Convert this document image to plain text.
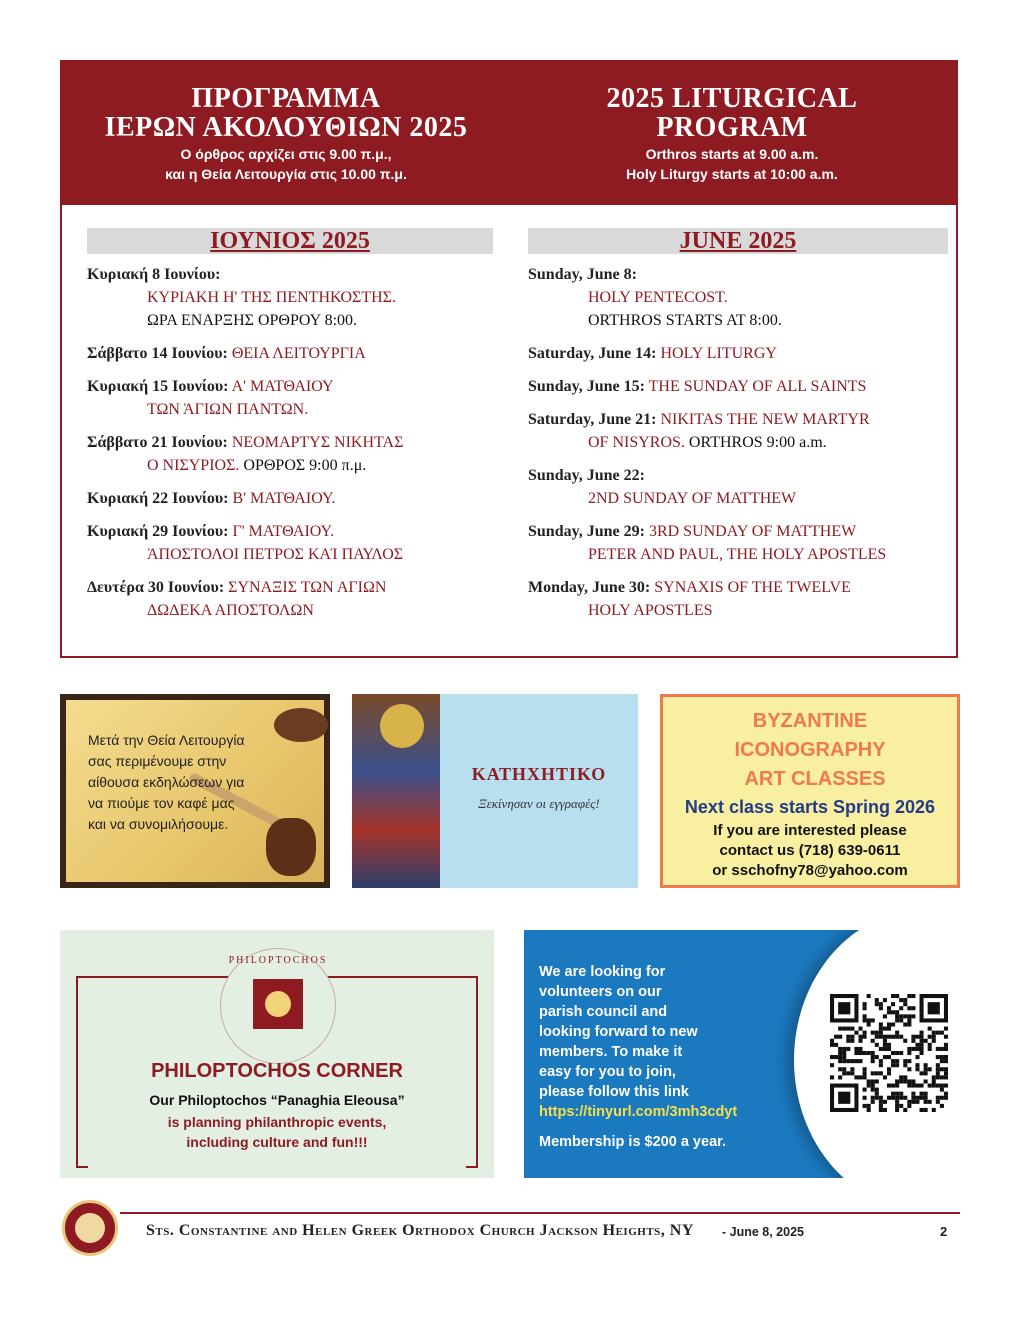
ΠΡΟΓΡΑΜΜΑ
ΙΕΡΩΝ ΑΚΟΛΟΥΘΙΩΝ 2025
Ο όρθρος αρχίζει στις 9.00 π.μ.,
και η Θεία Λειτουργία στις 10.00 π.μ.
2025 LITURGICAL
PROGRAM
Orthros starts at 9.00 a.m.
Holy Liturgy starts at 10:00 a.m.
ΙΟΥΝΙΟΣ 2025	JUNE 2025
Κυριακή 8 Ιουνίου:
ΚΥΡΙΑΚΗ Η' ΤΗΣ ΠΕΝΤΗΚΟΣΤΗΣ.
ΩΡΑ ΕΝΑΡΞΗΣ ΟΡΘΡΟΥ 8:00.
Σάββατο 14 Ιουνίου: ΘΕΙΑ ΛΕΙΤΟΥΡΓΙΑ
Κυριακή 15 Ιουνίου: Α' ΜΑΤΘΑΙΟΥ
ΤΩΝ ΆΓΙΩΝ ΠΑΝΤΩΝ.
Σάββατο 21 Ιουνίου: ΝΕΟΜΑΡΤΥΣ ΝΙΚΗΤΑΣ
Ο ΝΙΣΥΡΙΟΣ. ΟΡΘΡΟΣ 9:00 π.μ.
Κυριακή 22 Ιουνίου: Β' ΜΑΤΘΑΙΟΥ.
Κυριακή 29 Ιουνίου: Γ' ΜΑΤΘΑΙΟΥ.
ΆΠΟΣΤΟΛΟΙ ΠΕΤΡΟΣ ΚΑΊ ΠΑΥΛΟΣ
Δευτέρα 30 Ιουνίου: ΣΥΝΑΞΙΣ ΤΩΝ ΑΓΙΩΝ
ΔΩΔΕΚΑ ΑΠΟΣΤΟΛΩΝ
Sunday, June 8:
HOLY PENTECOST.
ORTHROS STARTS AT 8:00.
Saturday, June 14: HOLY LITURGY
Sunday, June 15: THE SUNDAY OF ALL SAINTS
Saturday, June 21: NIKITAS THE NEW MARTYR
OF NISYROS. ORTHROS 9:00 a.m.
Sunday, June 22:
2ND SUNDAY OF MATTHEW
Sunday, June 29: 3RD SUNDAY OF MATTHEW
PETER AND PAUL, THE HOLY APOSTLES
Monday, June 30: SYNAXIS OF THE TWELVE
HOLY APOSTLES
Μετά την Θεία Λειτουργία
σας περιμένουμε στην
αίθουσα εκδηλώσεων για
να πιούμε τον καφέ μας
και να συνομιλήσουμε.
ΚΑΤΗΧΗΤΙΚΟ
Ξεκίνησαν οι εγγραφές!
BYZANTINE
ICONOGRAPHY
ART CLASSES
Next class starts Spring 2026
If you are interested please
contact us (718) 639-0611
or sschofny78@yahoo.com
PHILOPTOCHOS
PHILOPTOCHOS CORNER
Our Philoptochos “Panaghia Eleousa”
is planning philanthropic events,
including culture and fun!!!
We are looking for
volunteers on our
parish council and
looking forward to new
members. To make it
easy for you to join,
please follow this link
https://tinyurl.com/3mh3cdyt
Membership is $200 a year.
Sts. Constantine and Helen Greek Orthodox Church Jackson Heights, NY - June 8, 2025	2
